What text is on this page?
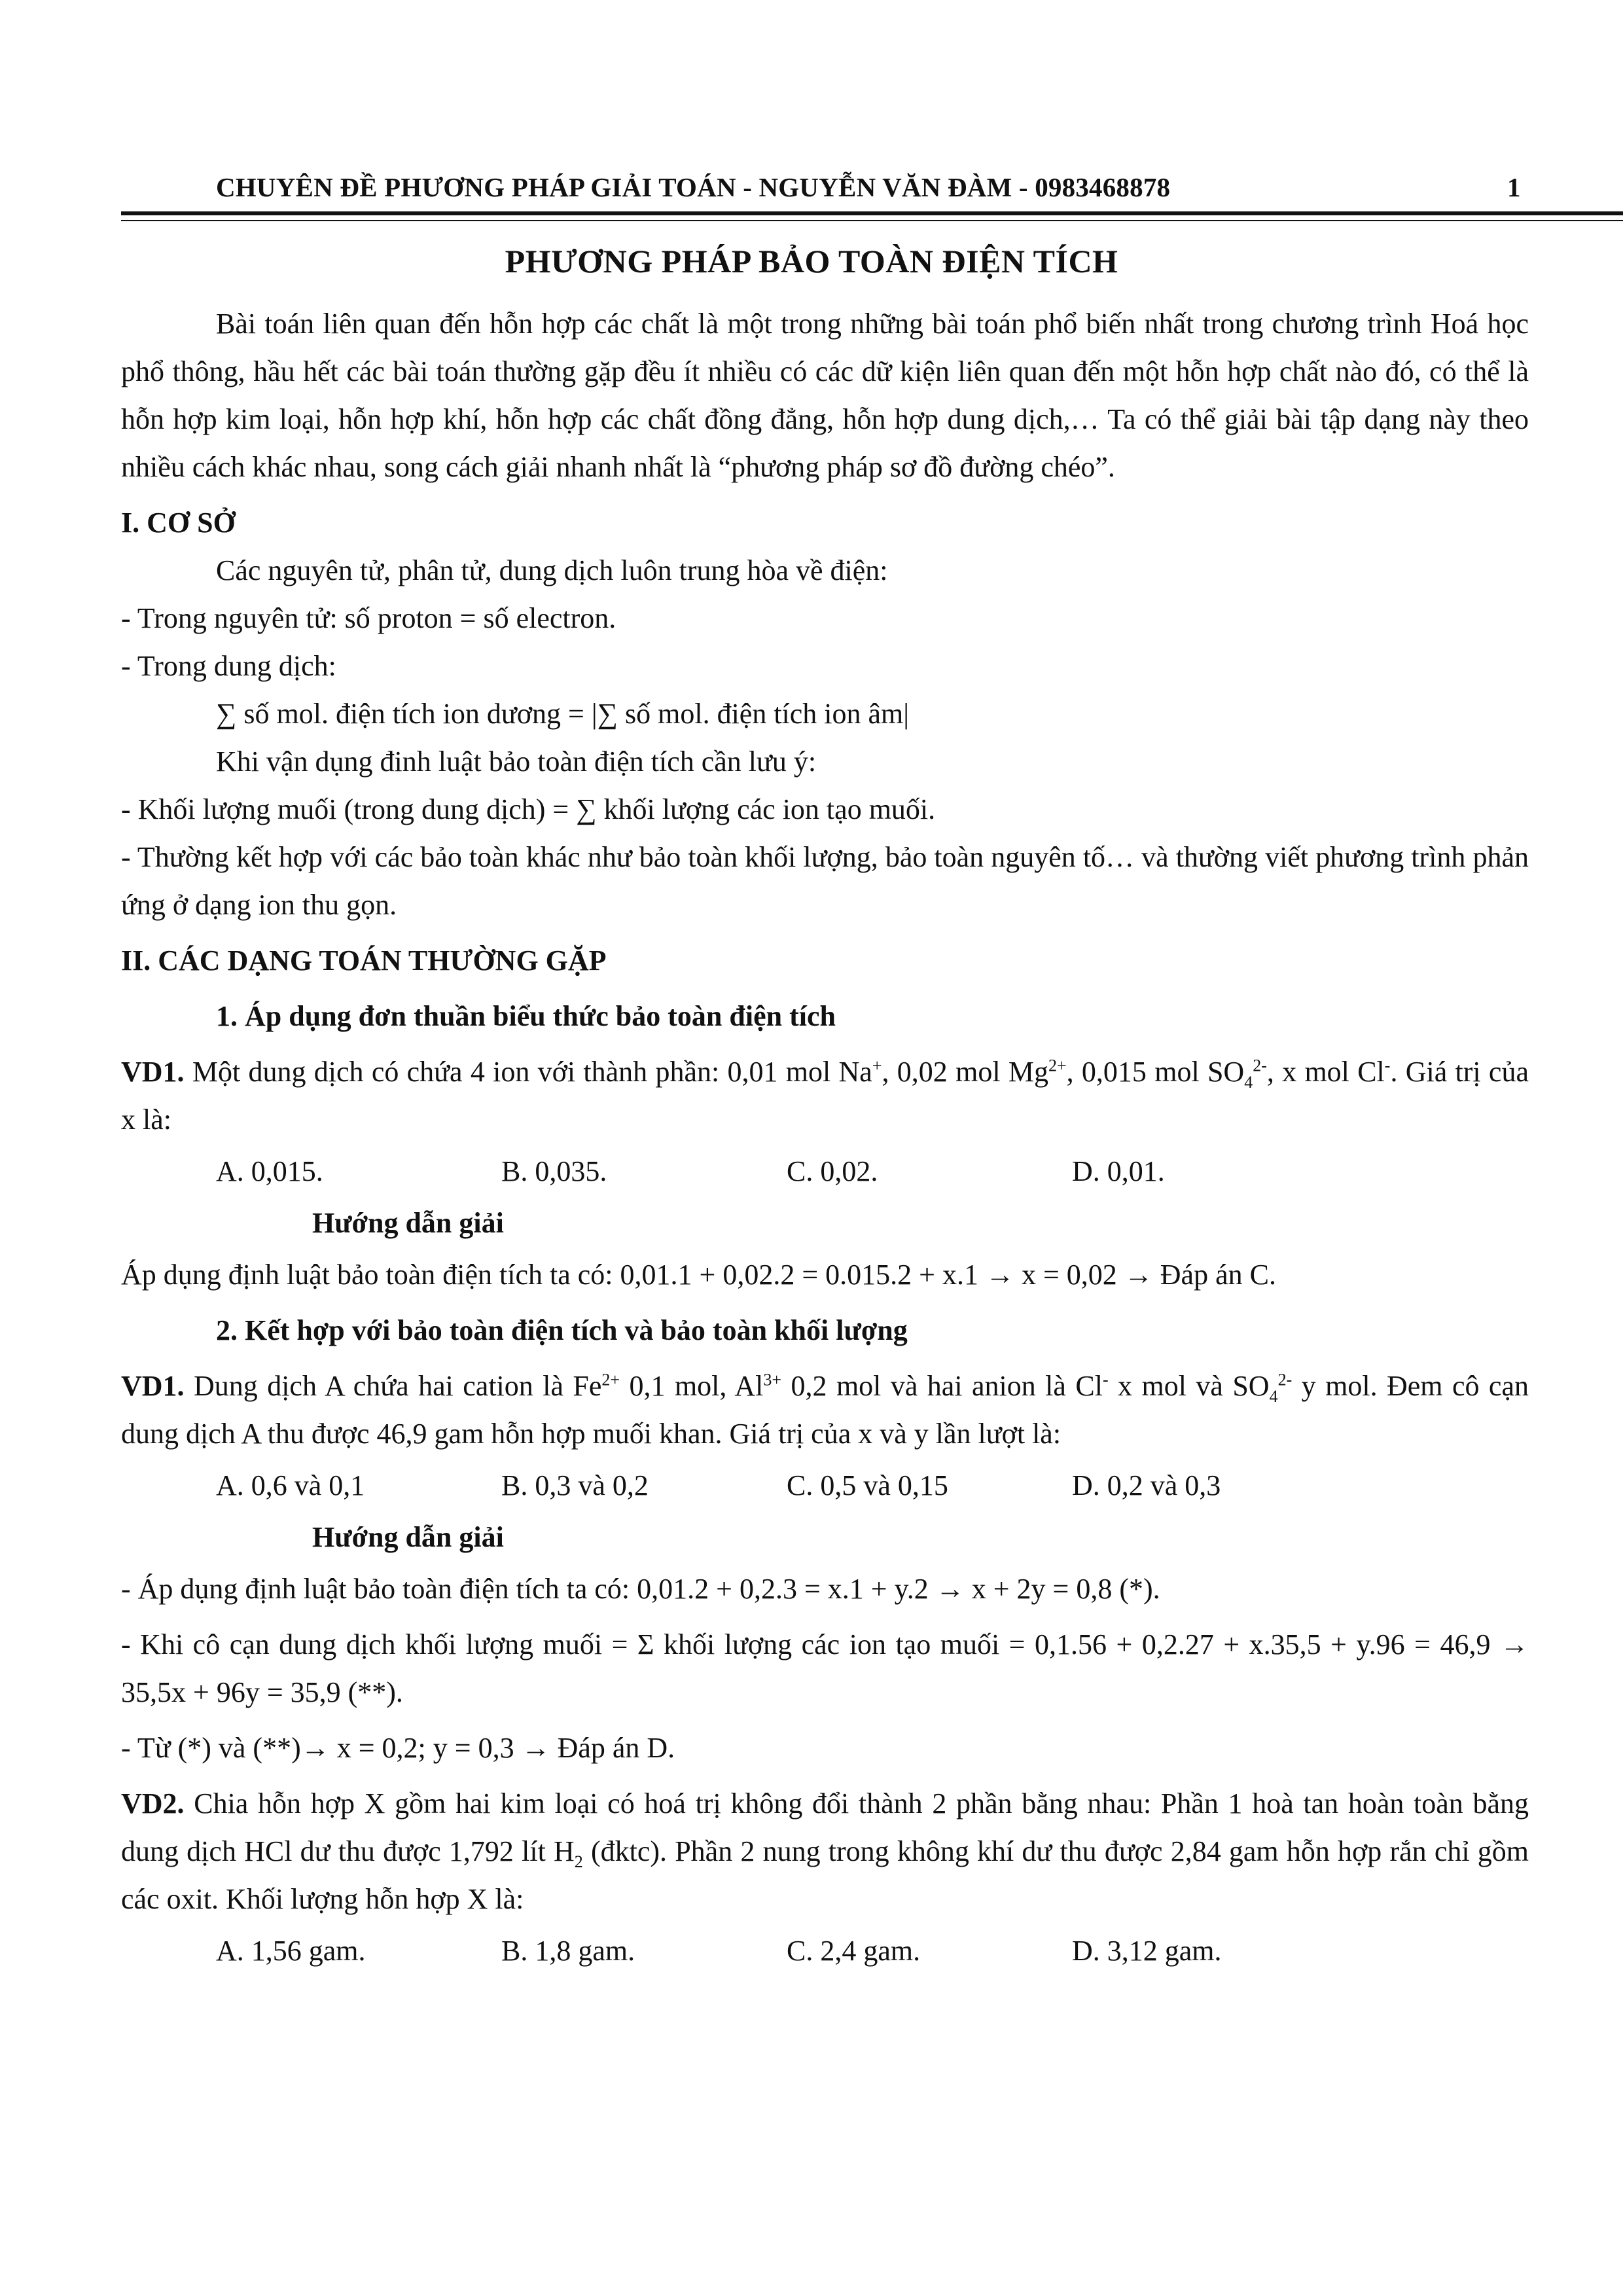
CHUYÊN ĐỀ PHƯƠNG PHÁP GIẢI TOÁN - NGUYỄN VĂN ĐÀM - 0983468878	1
PHƯƠNG PHÁP BẢO TOÀN ĐIỆN TÍCH

Bài toán liên quan đến hỗn hợp các chất là một trong những bài toán phổ biến nhất trong chương trình Hoá học phổ thông, hầu hết các bài toán thường gặp đều ít nhiều có các dữ kiện liên quan đến một hỗn hợp chất nào đó, có thể là hỗn hợp kim loại, hỗn hợp khí, hỗn hợp các chất đồng đẳng, hỗn hợp dung dịch,… Ta có thể giải bài tập dạng này theo nhiều cách khác nhau, song cách giải nhanh nhất là “phương pháp sơ đồ đường chéo”.

I. CƠ SỞ

Các nguyên tử, phân tử, dung dịch luôn trung hòa về điện:

- Trong nguyên tử: số proton = số electron.

- Trong dung dịch:

∑ số mol. điện tích ion dương = |∑ số mol. điện tích ion âm|

Khi vận dụng đinh luật bảo toàn điện tích cần lưu ý:

- Khối lượng muối (trong dung dịch) = ∑ khối lượng các ion tạo muối.

- Thường kết hợp với các bảo toàn khác như bảo toàn khối lượng, bảo toàn nguyên tố… và thường viết phương trình phản ứng ở dạng ion thu gọn.

II. CÁC DẠNG TOÁN THƯỜNG GẶP

1. Áp dụng đơn thuần biểu thức bảo toàn điện tích

VD1. Một dung dịch có chứa 4 ion với thành phần: 0,01 mol Na+, 0,02 mol $Mg^{2+}$, 0,015 mol $SO_4^{2-}$, x mol Cl-. Giá trị của x là:

A. 0,015.	B. 0,035.	C. 0,02.	D. 0,01.

Hướng dẫn giải

Áp dụng định luật bảo toàn điện tích ta có: 0,01.1 + 0,02.2 = 0.015.2 + x.1 → x = 0,02 → Đáp án C.

2. Kết hợp với bảo toàn điện tích và bảo toàn khối lượng

VD1. Dung dịch A chứa hai cation là $Fe^{2+}$ 0,1 mol, $Al^{3+}$ 0,2 mol và hai anion là Cl- x mol và $SO_4^{2-}$ y mol. Đem cô cạn dung dịch A thu được 46,9 gam hỗn hợp muối khan. Giá trị của x và y lần lượt là:

A. 0,6 và 0,1	B. 0,3 và 0,2	C. 0,5 và 0,15	D. 0,2 và 0,3

Hướng dẫn giải

- Áp dụng định luật bảo toàn điện tích ta có: 0,01.2 + 0,2.3 = x.1 + y.2 → x + 2y = 0,8 (*).

- Khi cô cạn dung dịch khối lượng muối = Σ khối lượng các ion tạo muối = 0,1.56 + 0,2.27 + x.35,5 + y.96 = 46,9 → 35,5x + 96y = 35,9 (**).

- Từ (*) và (**)→ x = 0,2; y = 0,3 → Đáp án D.

VD2. Chia hỗn hợp X gồm hai kim loại có hoá trị không đổi thành 2 phần bằng nhau: Phần 1 hoà tan hoàn toàn bằng dung dịch HCl dư thu được 1,792 lít $H_2$ (đktc). Phần 2 nung trong không khí dư thu được 2,84 gam hỗn hợp rắn chỉ gồm các oxit. Khối lượng hỗn hợp X là:

A. 1,56 gam.	B. 1,8 gam.	C. 2,4 gam.	D. 3,12 gam.
